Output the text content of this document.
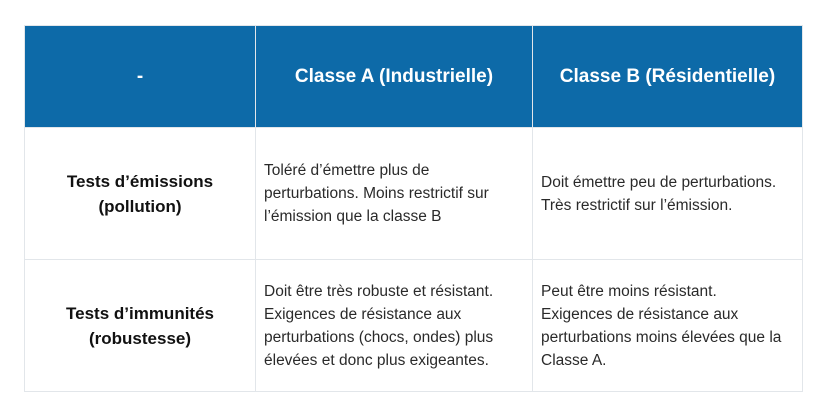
-	Classe A (Industrielle)	Classe B (Résidentielle)
Tests d’émissions (pollution)	Toléré d’émettre plus de perturbations. Moins restrictif sur l’émission que la classe B	Doit émettre peu de perturbations. Très restrictif sur l’émission.
Tests d’immunités (robustesse)	Doit être très robuste et résistant. Exigences de résistance aux perturbations (chocs, ondes) plus élevées et donc plus exigeantes.	Peut être moins résistant. Exigences de résistance aux perturbations moins élevées que la Classe A.
